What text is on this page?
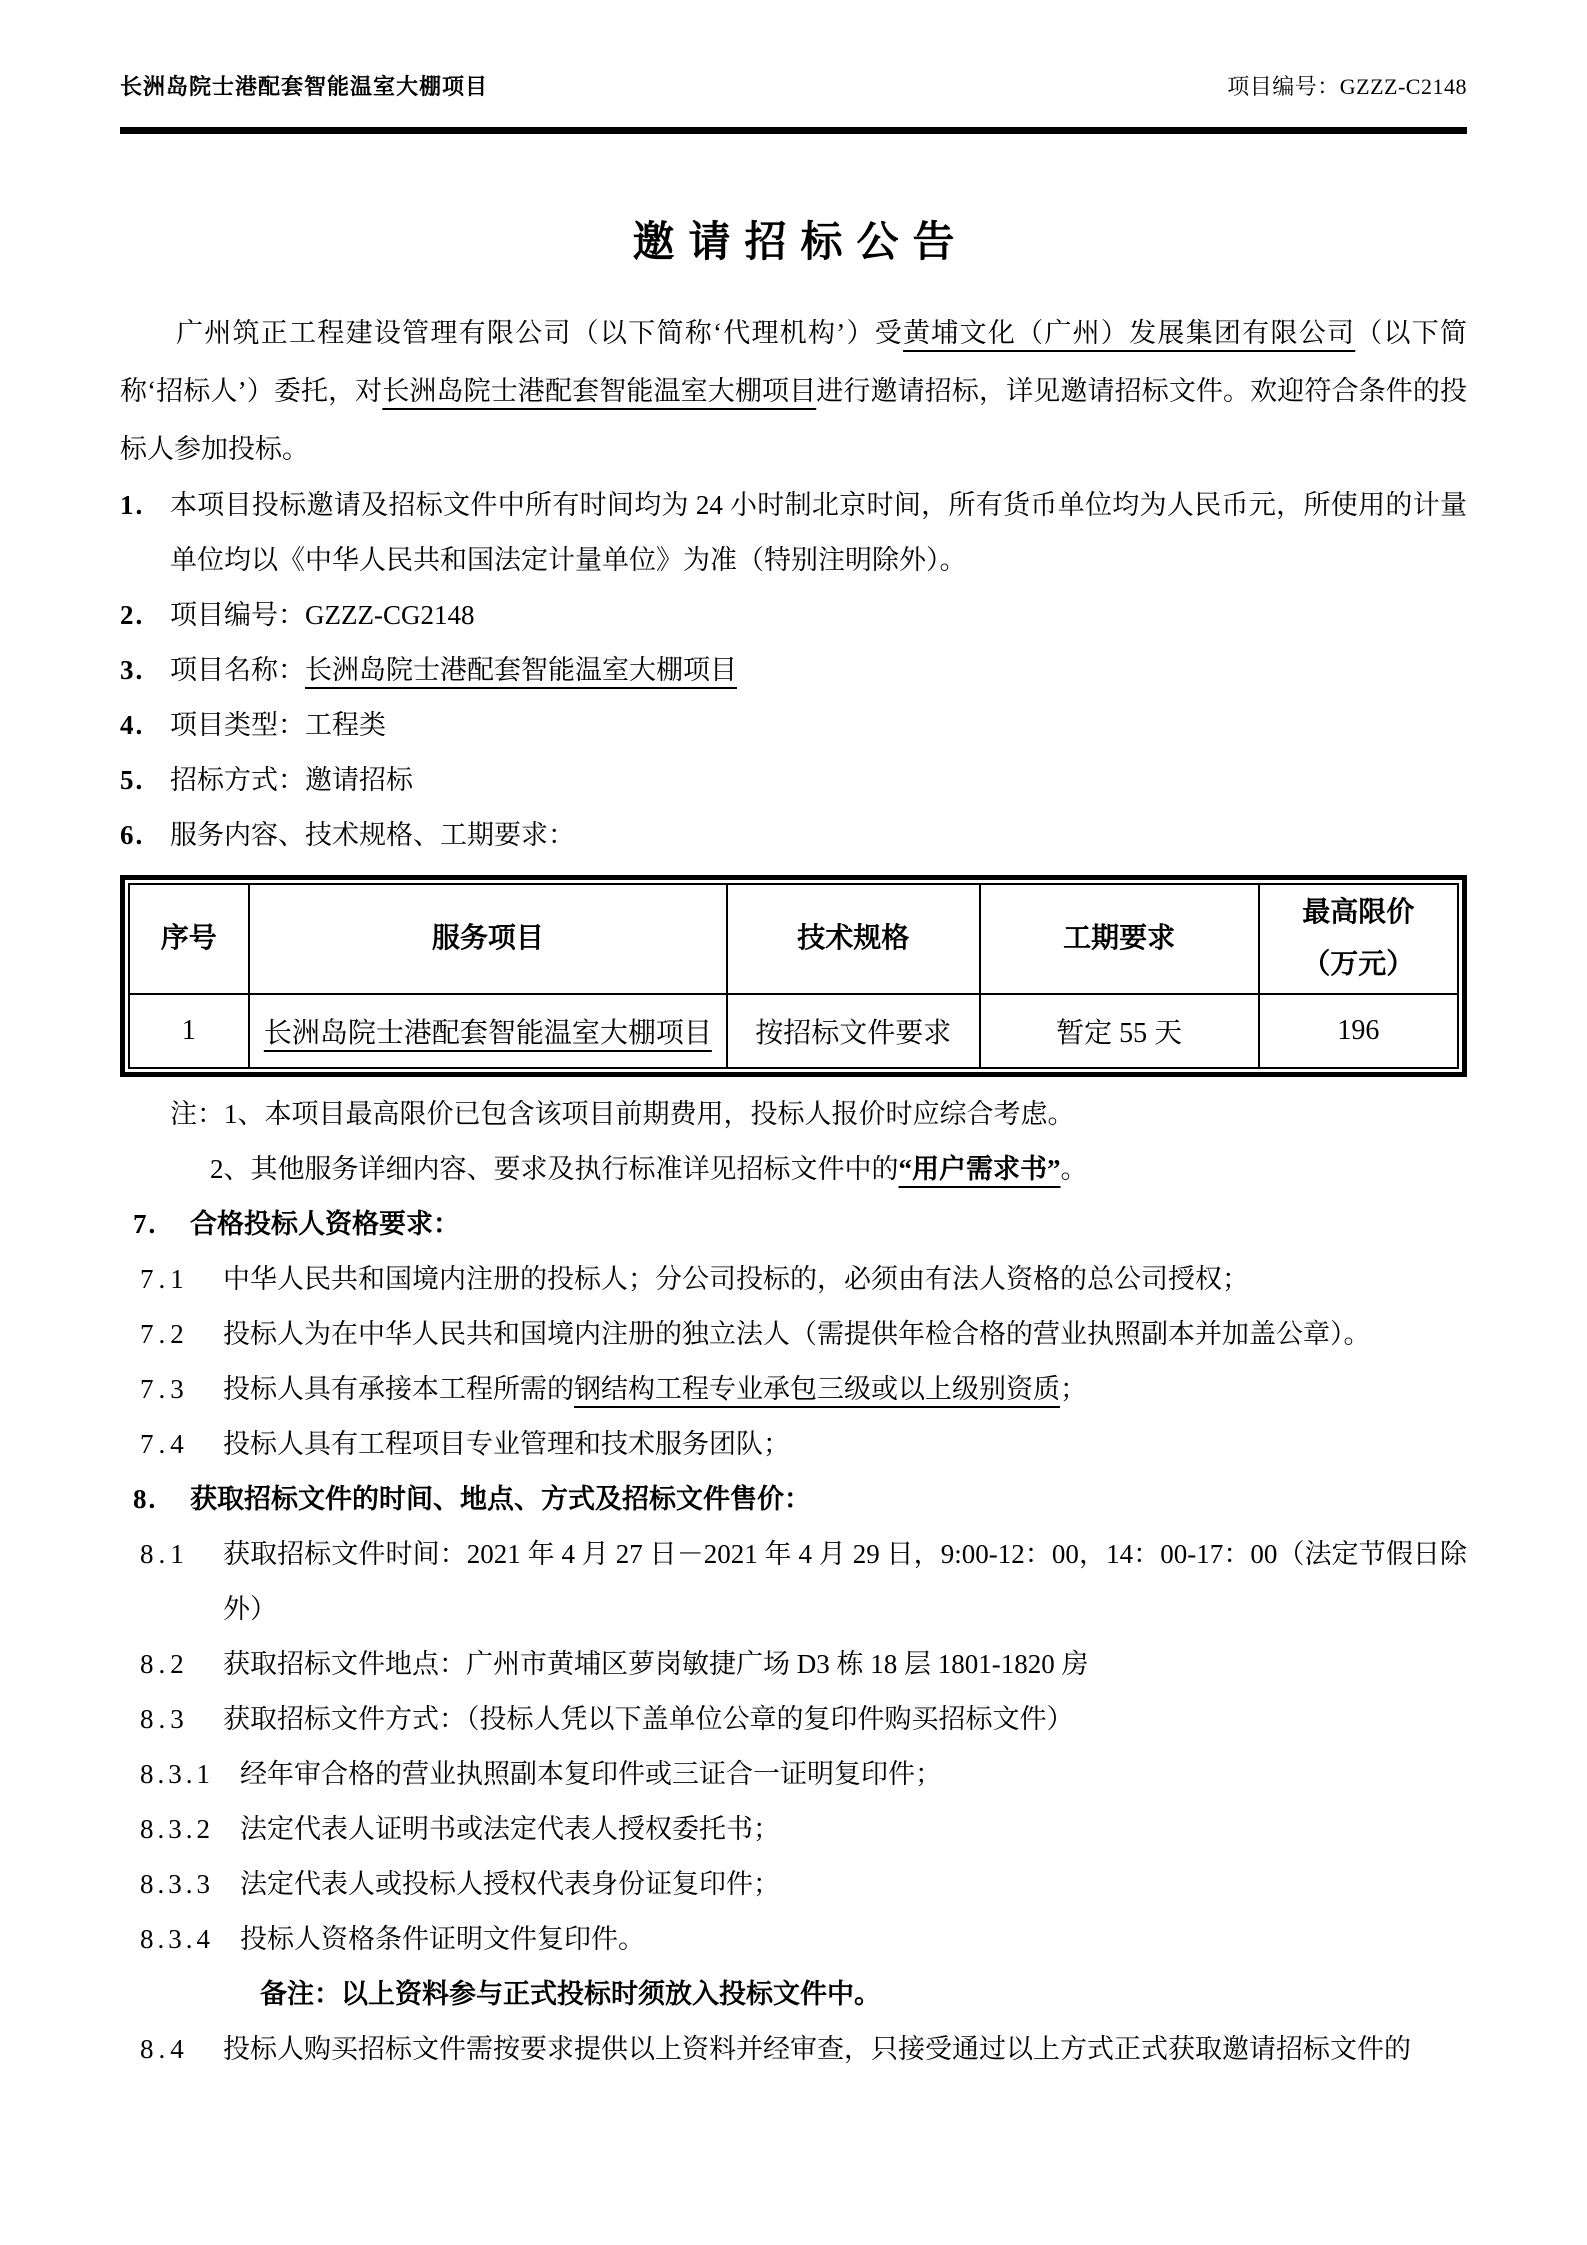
长洲岛院士港配套智能温室大棚项目	项目编号：GZZZ-C2148
邀请招标公告

广州筑正工程建设管理有限公司（以下简称‘代理机构’）受黄埔文化（广州）发展集团有限公司（以下简称‘招标人’）委托，对长洲岛院士港配套智能温室大棚项目进行邀请招标，详见邀请招标文件。欢迎符合条件的投标人参加投标。

1. 本项目投标邀请及招标文件中所有时间均为 24 小时制北京时间，所有货币单位均为人民币元，所使用的计量单位均以《中华人民共和国法定计量单位》为准（特别注明除外）。
2. 项目编号：GZZZ-CG2148
3. 项目名称：长洲岛院士港配套智能温室大棚项目
4. 项目类型：工程类
5. 招标方式：邀请招标
6. 服务内容、技术规格、工期要求：
序号	服务项目	技术规格	工期要求	最高限价
（万元）

1	长洲岛院士港配套智能温室大棚项目	按招标文件要求	暂定 55 天	196
注：1、本项目最高限价已包含该项目前期费用，投标人报价时应综合考虑。
2、其他服务详细内容、要求及执行标准详见招标文件中的“用户需求书”。
7.	合格投标人资格要求：
7.1	中华人民共和国境内注册的投标人；分公司投标的，必须由有法人资格的总公司授权；
7.2	投标人为在中华人民共和国境内注册的独立法人（需提供年检合格的营业执照副本并加盖公章）。
7.3	投标人具有承接本工程所需的钢结构工程专业承包三级或以上级别资质；
7.4	投标人具有工程项目专业管理和技术服务团队；
8.	获取招标文件的时间、地点、方式及招标文件售价：
8.1	获取招标文件时间：2021 年 4 月 27 日－2021 年 4 月 29 日，9:00-12：00，14：00-17：00（法定节假日除外）
8.2	获取招标文件地点：广州市黄埔区萝岗敏捷广场 D3 栋 18 层 1801-1820 房
8.3	获取招标文件方式：（投标人凭以下盖单位公章的复印件购买招标文件）
8.3.1 经年审合格的营业执照副本复印件或三证合一证明复印件；
8.3.2 法定代表人证明书或法定代表人授权委托书；
8.3.3 法定代表人或投标人授权代表身份证复印件；
8.3.4 投标人资格条件证明文件复印件。
备注：以上资料参与正式投标时须放入投标文件中。
8.4	投标人购买招标文件需按要求提供以上资料并经审查，只接受通过以上方式正式获取邀请招标文件的
